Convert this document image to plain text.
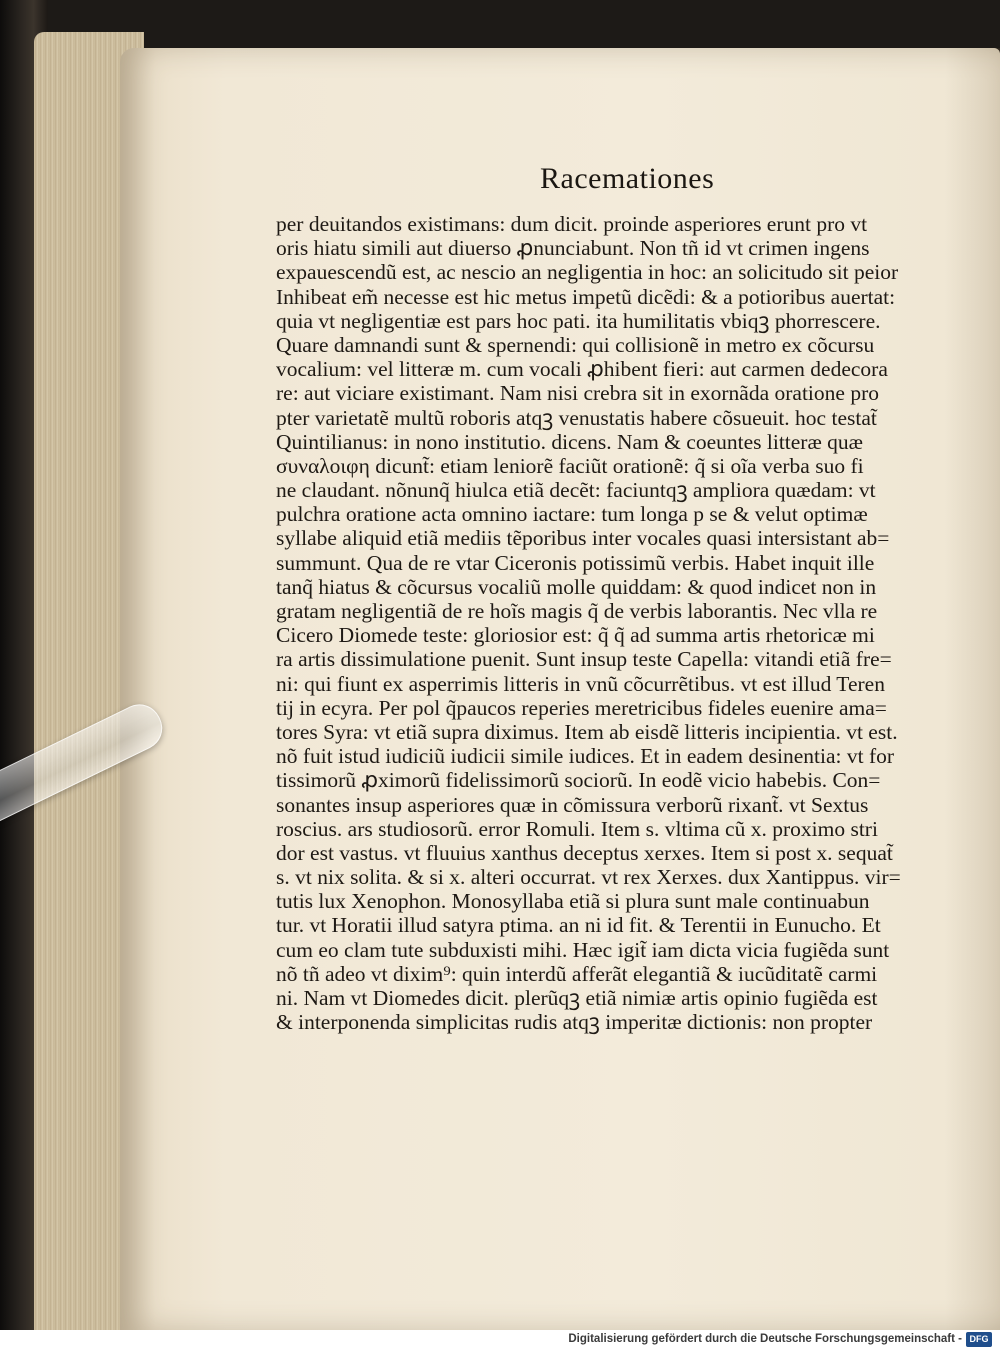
Racemationes
per deuitandos existimans: dum dicit. proinde asperiores erunt pro vt
oris hiatu simili aut diuerso ꝓnunciabunt. Non tñ id vt crimen ingens
expauescendũ est, ac nescio an negligentia in hoc: an solicitudo sit peior
Inhibeat em̃ necesse est hic metus impetũ dicẽdi: & a potioribus auertat:
quia vt negligentiæ est pars hoc pati. ita humilitatis vbiqꝫ phorrescere.
Quare damnandi sunt & spernendi: qui collisionẽ in metro ex cõcursu
vocalium: vel litteræ m. cum vocali ꝓhibent fieri: aut carmen dedecora
re: aut viciare existimant. Nam nisi crebra sit in exornãda oratione pro
pter varietatẽ multũ roboris atqꝫ venustatis habere cõsueuit. hoc testat̃
Quintilianus: in nono institutio. dicens. Nam & coeuntes litteræ quæ
συναλοιφη dicunt̃: etiam leniorẽ faciũt orationẽ: q̃ si oĩa verba suo fi
ne claudant. nõnunq̃ hiulca etiã decẽt: faciuntqꝫ ampliora quædam: vt
pulchra oratione acta omnino iactare: tum longa p se & velut optimæ
syllabe aliquid etiã mediis tẽporibus inter vocales quasi intersistant ab=
summunt. Qua de re vtar Ciceronis potissimũ verbis. Habet inquit ille
tanq̃ hiatus & cõcursus vocaliũ molle quiddam: & quod indicet non in
gratam negligentiã de re hoĩs magis q̃ de verbis laborantis. Nec vlla re
Cicero Diomede teste: gloriosior est: q̃ q̃ ad summa artis rhetoricæ mi
ra artis dissimulatione puenit. Sunt insup teste Capella: vitandi etiã fre=
ni: qui fiunt ex asperrimis litteris in vnũ cõcurrẽtibus. vt est illud Teren
tij in ecyra. Per pol q̃paucos reperies meretricibus fideles euenire ama=
tores Syra: vt etiã supra diximus. Item ab eisdẽ litteris incipientia. vt est.
nõ fuit istud iudiciũ iudicii simile iudices. Et in eadem desinentia: vt for
tissimorũ ꝓximorũ fidelissimorũ sociorũ. In eodẽ vicio habebis. Con=
sonantes insup asperiores quæ in cõmissura verborũ rixant̃. vt Sextus
roscius. ars studiosorũ. error Romuli. Item s. vltima cũ x. proximo stri
dor est vastus. vt fluuius xanthus deceptus xerxes. Item si post x. sequat̃
s. vt nix solita. & si x. alteri occurrat. vt rex Xerxes. dux Xantippus. vir=
tutis lux Xenophon. Monosyllaba etiã si plura sunt male continuabun
tur. vt Horatii illud satyra ptima. an ni id fit. & Terentii in Eunucho. Et
cum eo clam tute subduxisti mihi. Hæc igit̃ iam dicta vicia fugiẽda sunt
nõ tñ adeo vt dixim⁹: quin interdũ afferãt elegantiã & iucũditatẽ carmi
ni. Nam vt Diomedes dicit. plerũqꝫ etiã nimiæ artis opinio fugiẽda est
& interponenda simplicitas rudis atqꝫ imperitæ dictionis: non propter
Digitalisierung gefördert durch die Deutsche Forschungsgemeinschaft - DFG
